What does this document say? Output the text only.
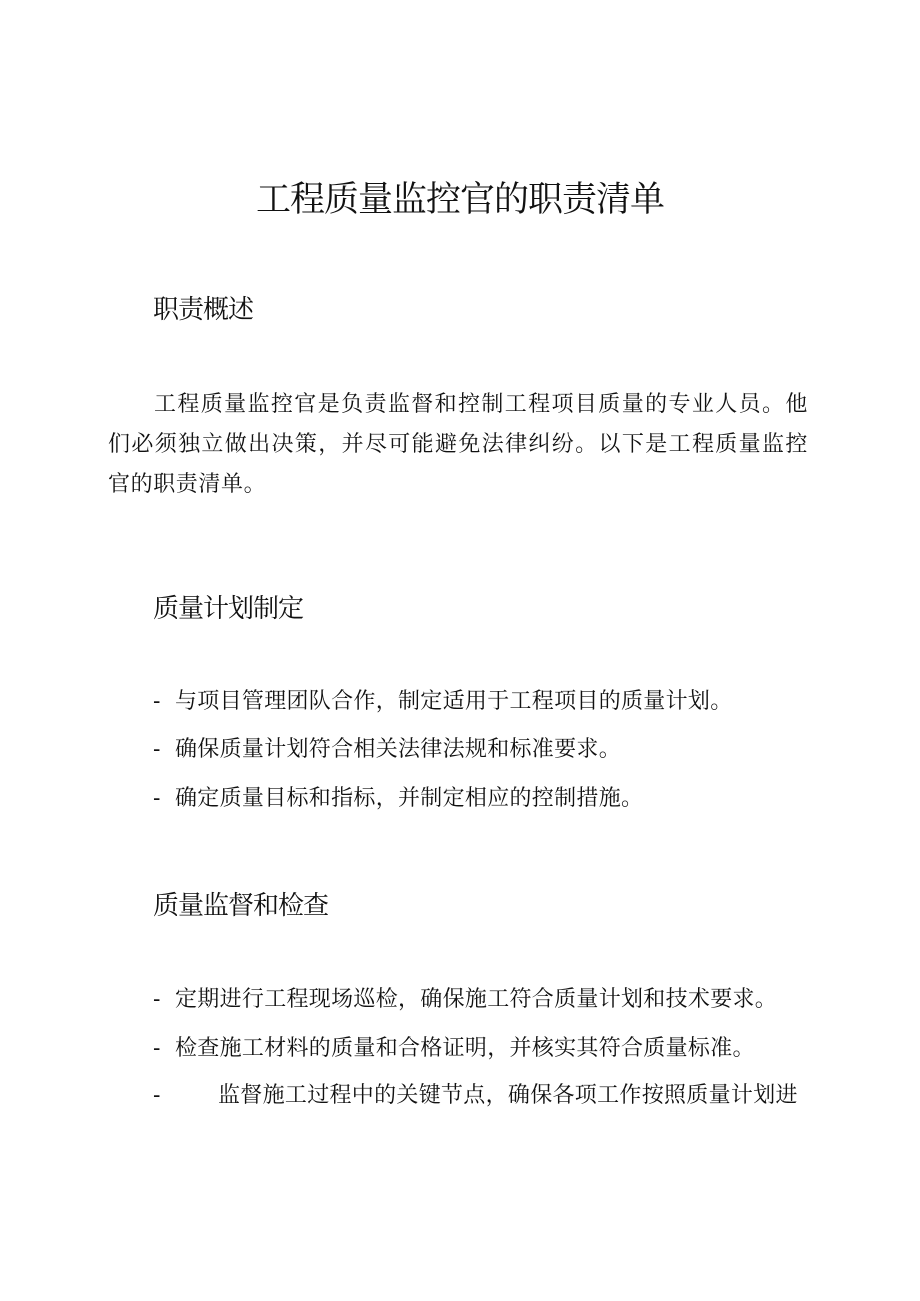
工程质量监控官的职责清单
职责概述

工程质量监控官是负责监督和控制工程项目质量的专业人员。他们必须独立做出决策，并尽可能避免法律纠纷。以下是工程质量监控官的职责清单。

质量计划制定

- 与项目管理团队合作，制定适用于工程项目的质量计划。

- 确保质量计划符合相关法律法规和标准要求。

- 确定质量目标和指标，并制定相应的控制措施。

质量监督和检查

- 定期进行工程现场巡检，确保施工符合质量计划和技术要求。

- 检查施工材料的质量和合格证明，并核实其符合质量标准。

-	监督施工过程中的关键节点，确保各项工作按照质量计划进
